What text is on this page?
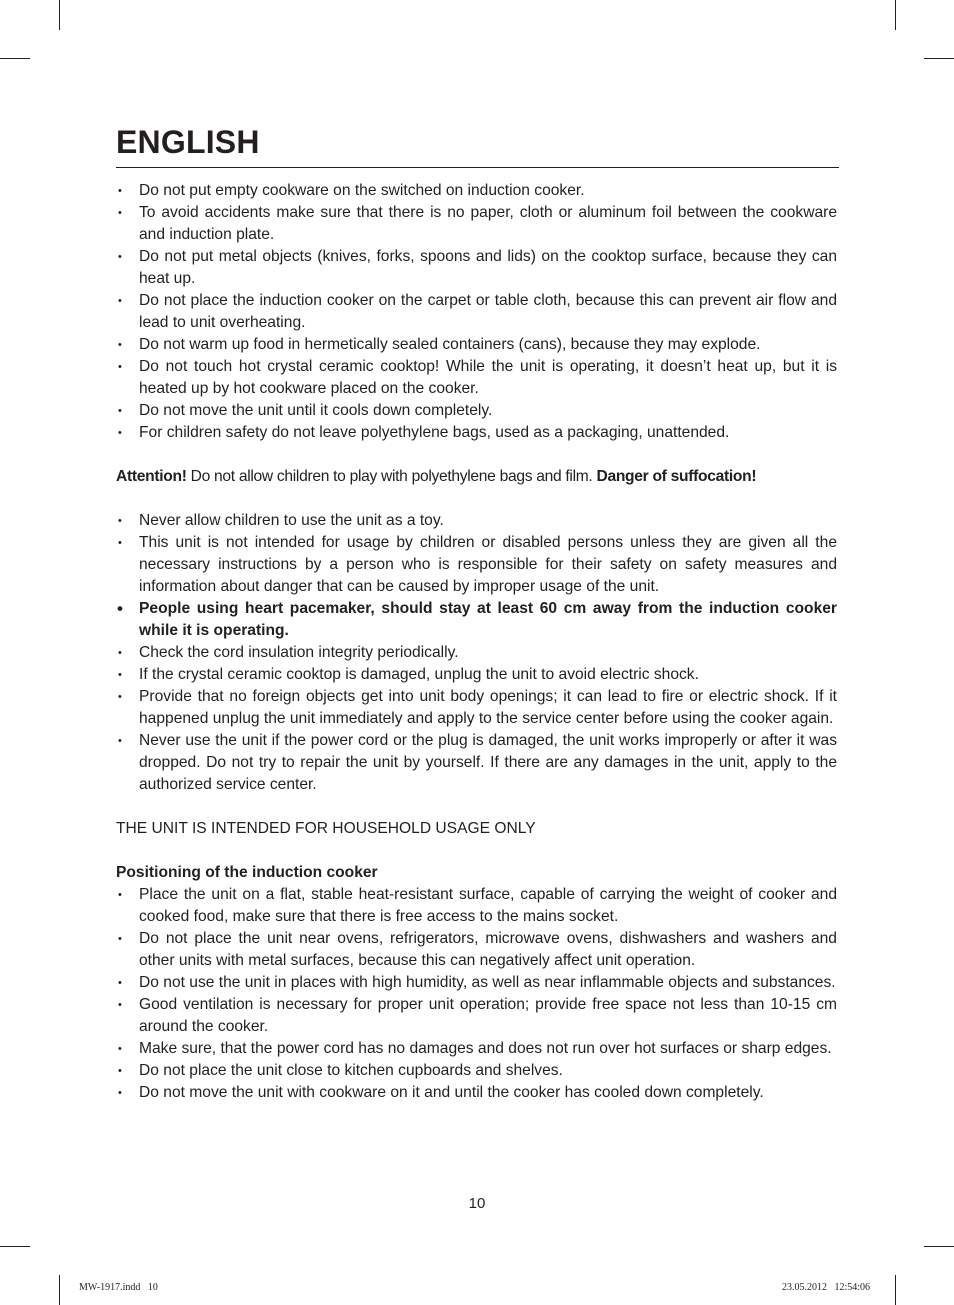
ENGLISH
• Do not put empty cookware on the switched on induction cooker.
• To avoid accidents make sure that there is no paper, cloth or aluminum foil between the cookware and induction plate.
• Do not put metal objects (knives, forks, spoons and lids) on the cooktop surface, because they can heat up.
• Do not place the induction cooker on the carpet or table cloth, because this can prevent air flow and lead to unit overheating.
• Do not warm up food in hermetically sealed containers (cans), because they may explode.
• Do not touch hot crystal ceramic cooktop! While the unit is operating, it doesn’t heat up, but it is heated up by hot cookware placed on the cooker.
• Do not move the unit until it cools down completely.
• For children safety do not leave polyethylene bags, used as a packaging, unattended.

Attention! Do not allow children to play with polyethylene bags and film. Danger of suffocation!

• Never allow children to use the unit as a toy.
• This unit is not intended for usage by children or disabled persons unless they are given all the necessary instructions by a person who is responsible for their safety on safety measures and information about danger that can be caused by improper usage of the unit.
• People using heart pacemaker, should stay at least 60 cm away from the induction cooker while it is operating.
• Check the cord insulation integrity periodically.
• If the crystal ceramic cooktop is damaged, unplug the unit to avoid electric shock.
• Provide that no foreign objects get into unit body openings; it can lead to fire or electric shock. If it happened unplug the unit immediately and apply to the service center before using the cooker again.
• Never use the unit if the power cord or the plug is damaged, the unit works improperly or after it was dropped. Do not try to repair the unit by yourself. If there are any damages in the unit, apply to the authorized service center.

THE UNIT IS INTENDED FOR HOUSEHOLD USAGE ONLY

Positioning of the induction cooker

• Place the unit on a flat, stable heat-resistant surface, capable of carrying the weight of cooker and cooked food, make sure that there is free access to the mains socket.
• Do not place the unit near ovens, refrigerators, microwave ovens, dishwashers and washers and other units with metal surfaces, because this can negatively affect unit operation.
• Do not use the unit in places with high humidity, as well as near inflammable objects and substances.
• Good ventilation is necessary for proper unit operation; provide free space not less than 10-15 cm around the cooker.
• Make sure, that the power cord has no damages and does not run over hot surfaces or sharp edges.
• Do not place the unit close to kitchen cupboards and shelves.
• Do not move the unit with cookware on it and until the cooker has cooled down completely.
10
MW-1917.indd   10	23.05.2012   12:54:06
